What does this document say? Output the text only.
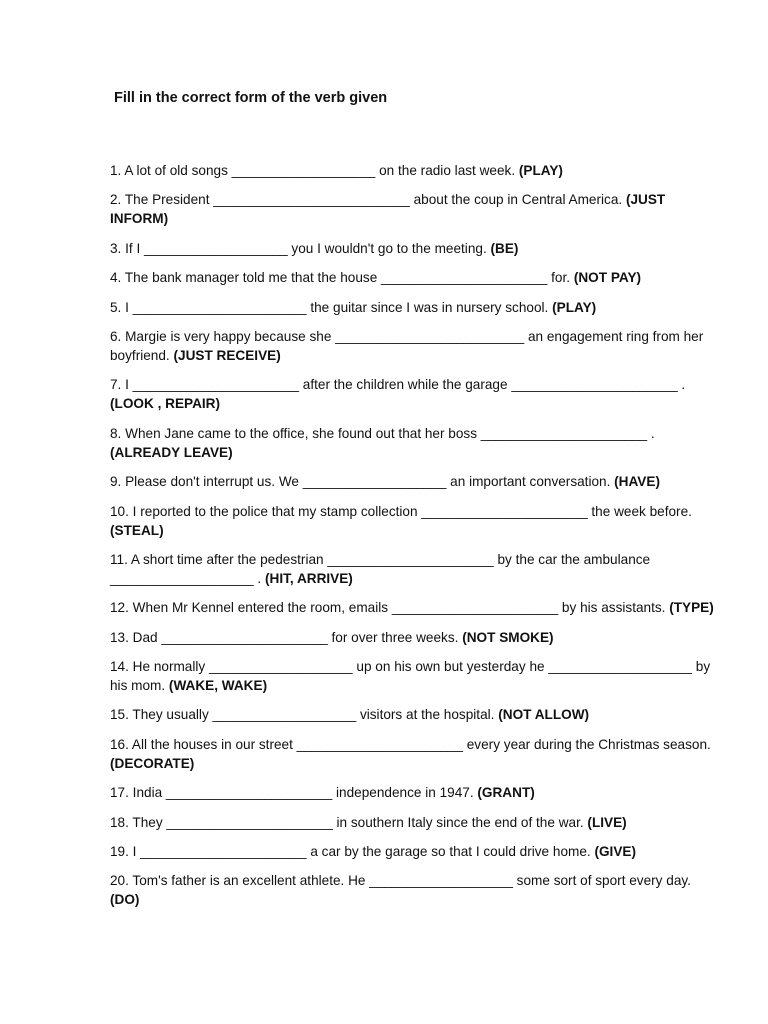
Fill in the correct form of the verb given
1. A lot of old songs ___________________ on the radio last week. (PLAY)
2. The President __________________________ about the coup in Central America. (JUST INFORM)
3. If I ___________________ you I wouldn't go to the meeting. (BE)
4. The bank manager told me that the house ______________________ for. (NOT PAY)
5. I _______________________ the guitar since I was in nursery school. (PLAY)
6. Margie is very happy because she _________________________ an engagement ring from her boyfriend. (JUST RECEIVE)
7. I ______________________ after the children while the garage ______________________ . (LOOK , REPAIR)
8. When Jane came to the office, she found out that her boss ______________________ . (ALREADY LEAVE)
9. Please don't interrupt us. We ___________________ an important conversation. (HAVE)
10. I reported to the police that my stamp collection ______________________ the week before. (STEAL)
11. A short time after the pedestrian ______________________ by the car the ambulance ___________________ . (HIT, ARRIVE)
12. When Mr Kennel entered the room, emails ______________________ by his assistants. (TYPE)
13. Dad ______________________ for over three weeks. (NOT SMOKE)
14. He normally ___________________ up on his own but yesterday he ___________________ by his mom. (WAKE, WAKE)
15. They usually ___________________ visitors at the hospital. (NOT ALLOW)
16. All the houses in our street ______________________ every year during the Christmas season. (DECORATE)
17. India ______________________ independence in 1947. (GRANT)
18. They ______________________ in southern Italy since the end of the war. (LIVE)
19. I ______________________ a car by the garage so that I could drive home. (GIVE)
20. Tom's father is an excellent athlete. He ___________________ some sort of sport every day. (DO)
